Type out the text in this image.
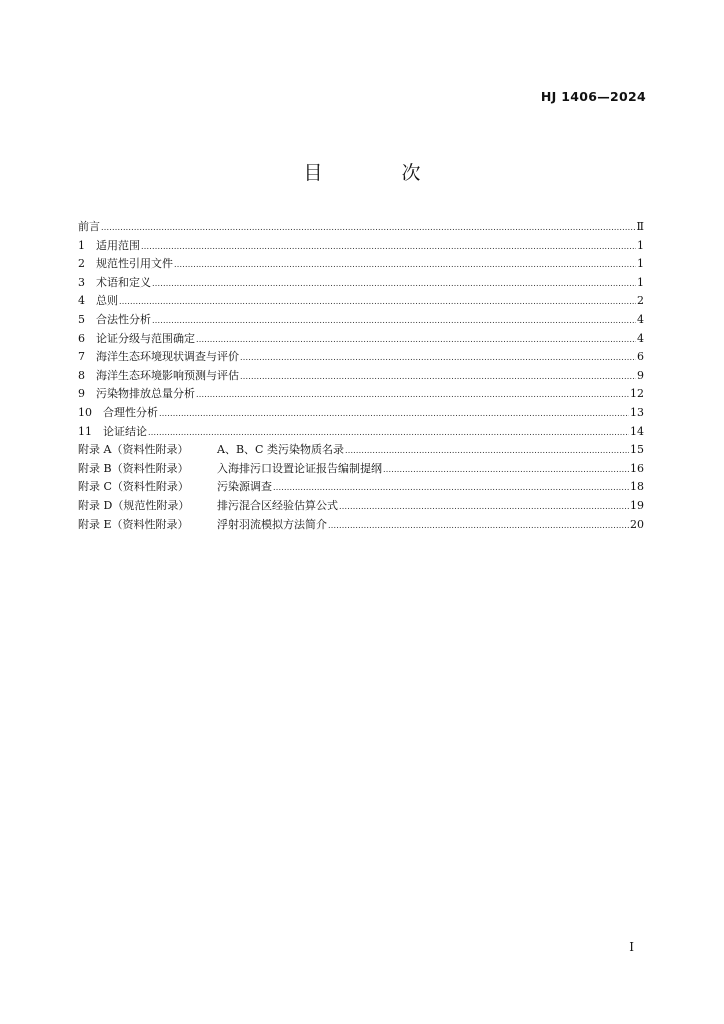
HJ 1406—2024
目　次
前言 .....	Ⅱ
1	适用范围 .....	1
2	规范性引用文件 .....	1
3	术语和定义 .....	1
4	总则 .....	2
5	合法性分析 .....	4
6	论证分级与范围确定 .....	4
7	海洋生态环境现状调查与评价 .....	6
8	海洋生态环境影响预测与评估 .....	9
9	污染物排放总量分析 .....	12
10	合理性分析 .....	13
11	论证结论 .....	14
附录 A（资料性附录）	A、B、C 类污染物质名录 .....	15
附录 B（资料性附录）	入海排污口设置论证报告编制提纲 .....	16
附录 C（资料性附录）	污染源调查 .....	18
附录 D（规范性附录）	排污混合区经验估算公式 .....	19
附录 E（资料性附录）	浮射羽流模拟方法简介 .....	20
I
